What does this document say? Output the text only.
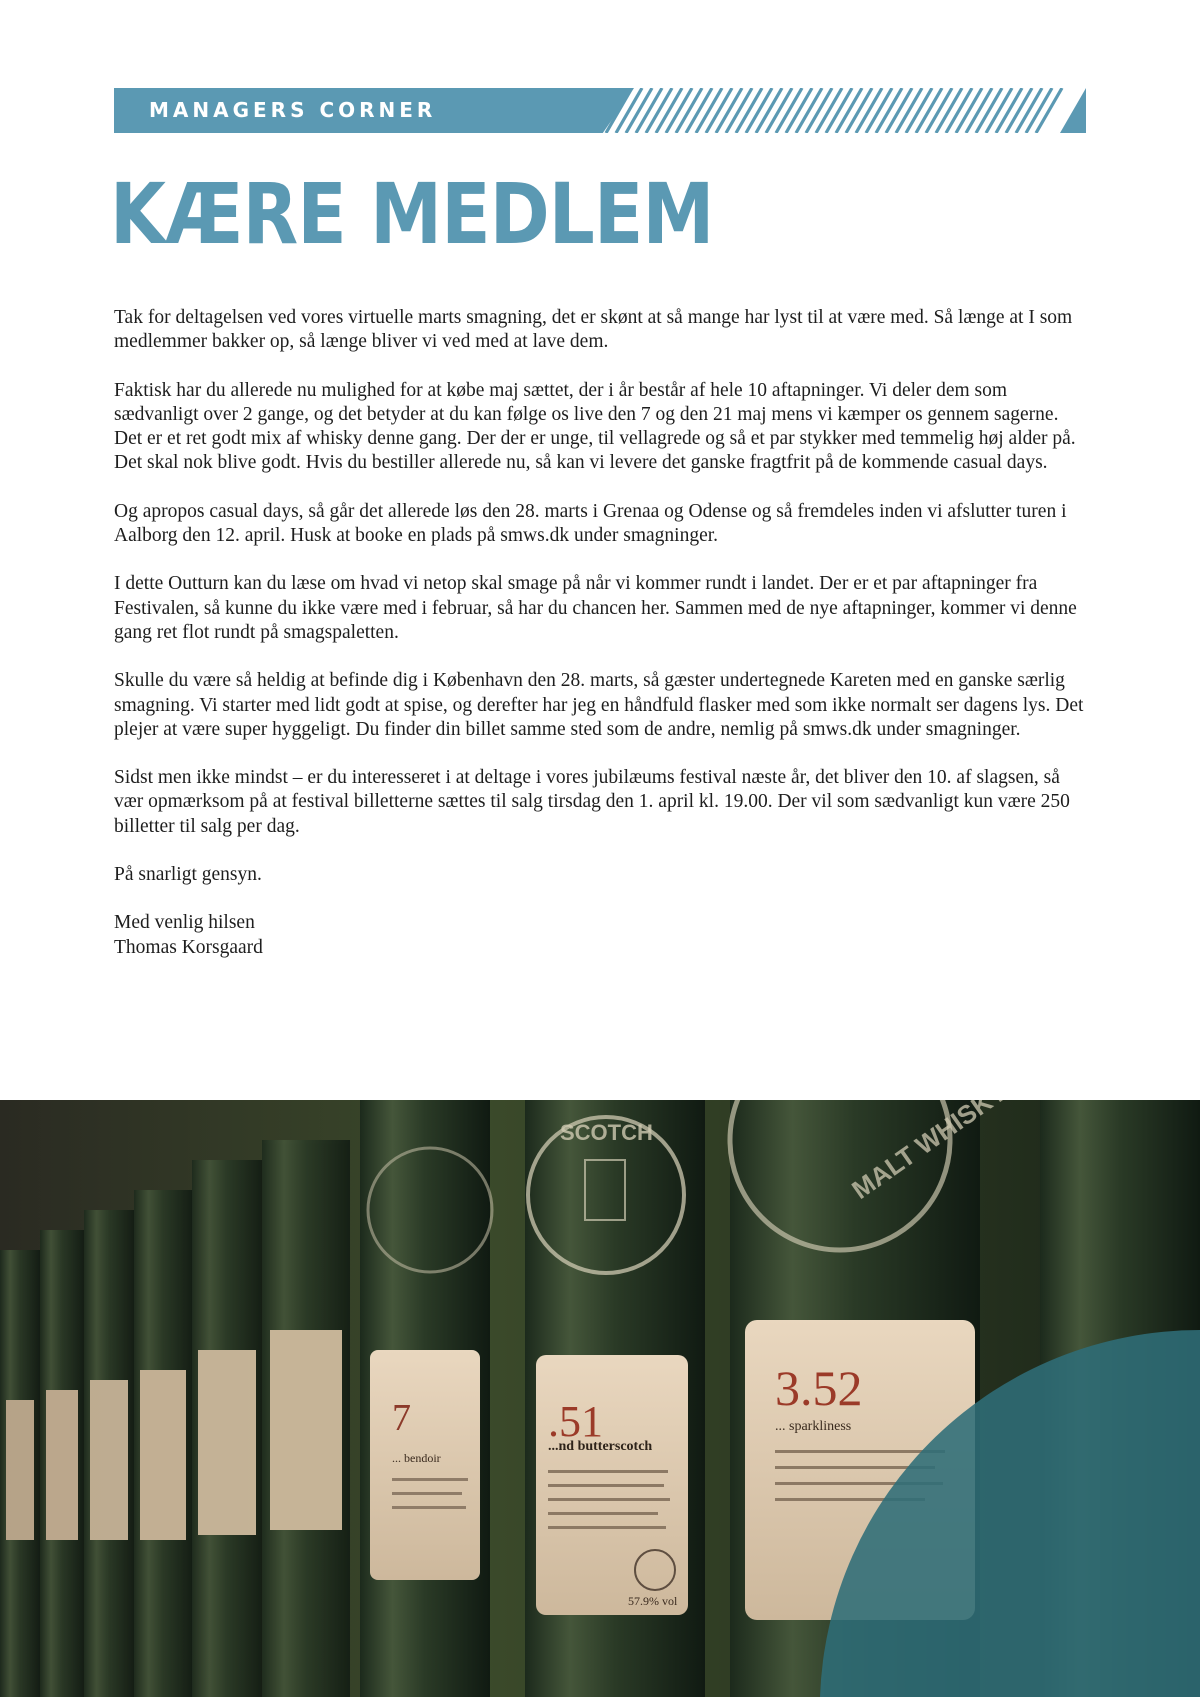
MANAGERS CORNER
KÆRE MEDLEM

Tak for deltagelsen ved vores virtuelle marts smagning, det er skønt at så mange har lyst til at være med. Så længe at I som medlemmer bakker op, så længe bliver vi ved med at lave dem.

Faktisk har du allerede nu mulighed for at købe maj sættet, der i år består af hele 10 aftapninger. Vi deler dem som sædvanligt over 2 gange, og det betyder at du kan følge os live den 7 og den 21 maj mens vi kæmper os gennem sagerne. Det er et ret godt mix af whisky denne gang. Der der er unge, til vellagrede og så et par stykker med temmelig høj alder på. Det skal nok blive godt. Hvis du bestiller allerede nu, så kan vi levere det ganske fragtfrit på de kommende casual days.

Og apropos casual days, så går det allerede løs den 28. marts i Grenaa og Odense og så fremdeles inden vi afslutter turen i Aalborg den 12. april. Husk at booke en plads på smws.dk under smagninger.

I dette Outturn kan du læse om hvad vi netop skal smage på når vi kommer rundt i landet. Der er et par aftapninger fra Festivalen, så kunne du ikke være med i februar, så har du chancen her. Sammen med de nye aftapninger, kommer vi denne gang ret flot rundt på smagspaletten.

Skulle du være så heldig at befinde dig i København den 28. marts, så gæster undertegnede Kareten med en ganske særlig smagning. Vi starter med lidt godt at spise, og derefter har jeg en håndfuld flasker med som ikke normalt ser dagens lys. Det plejer at være super hyggeligt. Du finder din billet samme sted som de andre, nemlig på smws.dk under smagninger.

Sidst men ikke mindst – er du interesseret i at deltage i vores jubilæums festival næste år, det bliver den 10. af slagsen, så vær opmærksom på at festival billetterne sættes til salg tirsdag den 1. april kl. 19.00. Der vil som sædvanligt kun være 250 billetter til salg per dag.

På snarligt gensyn.

Med venlig hilsen
Thomas Korsgaard

7
... bendoir
SCOTCH
.51
...nd butterscotch
57.9% vol
MALT WHISKY
3.52
... sparkliness
